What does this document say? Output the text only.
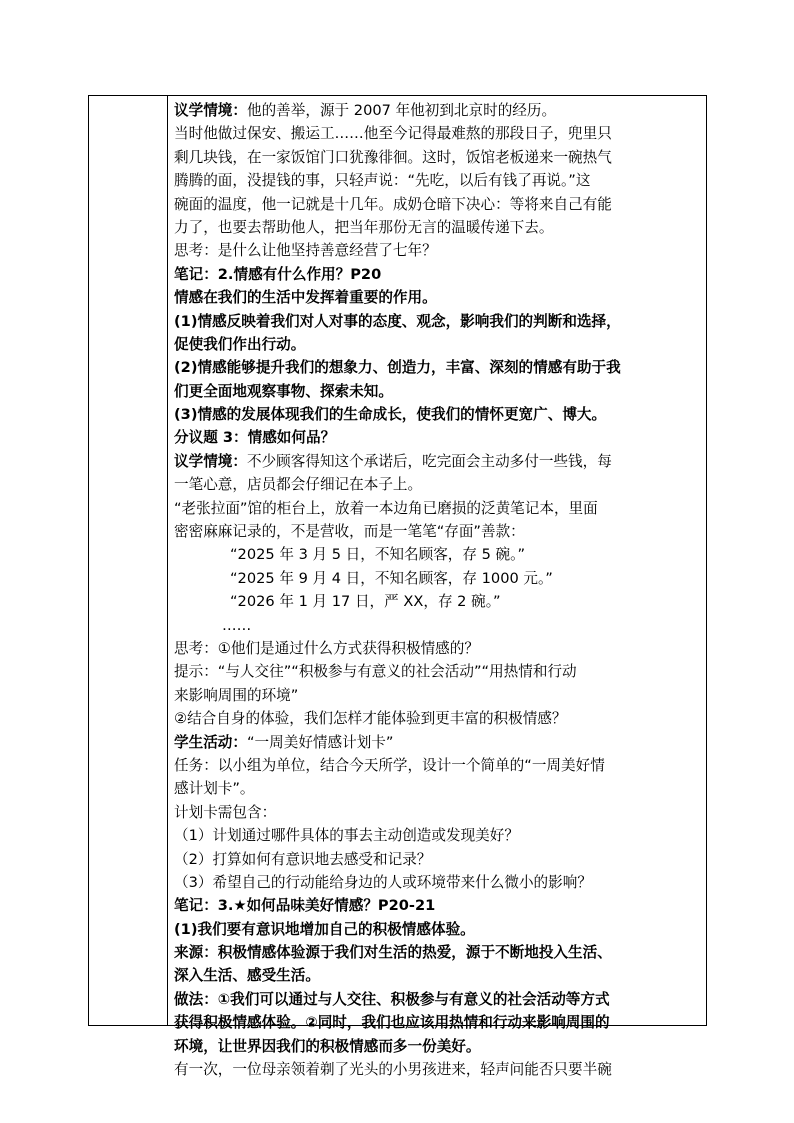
议学情境：他的善举，源于 2007 年他初到北京时的经历。
当时他做过保安、搬运工……他至今记得最难熬的那段日子，兜里只
剩几块钱，在一家饭馆门口犹豫徘徊。这时，饭馆老板递来一碗热气
腾腾的面，没提钱的事，只轻声说：“先吃，以后有钱了再说。”这
碗面的温度，他一记就是十几年。成奶仓暗下决心：等将来自己有能
力了，也要去帮助他人，把当年那份无言的温暖传递下去。
思考：是什么让他坚持善意经营了七年？
笔记：2.情感有什么作用？P20
情感在我们的生活中发挥着重要的作用。
(1)情感反映着我们对人对事的态度、观念，影响我们的判断和选择，
促使我们作出行动。
(2)情感能够提升我们的想象力、创造力，丰富、深刻的情感有助于我
们更全面地观察事物、探索未知。
(3)情感的发展体现我们的生命成长，使我们的情怀更宽广、博大。
分议题 3：情感如何品？
议学情境：不少顾客得知这个承诺后，吃完面会主动多付一些钱，每
一笔心意，店员都会仔细记在本子上。
“老张拉面”馆的柜台上，放着一本边角已磨损的泛黄笔记本，里面
密密麻麻记录的，不是营收，而是一笔笔“存面”善款：
“2025 年 3 月 5 日，不知名顾客，存 5 碗。”
“2025 年 9 月 4 日，不知名顾客，存 1000 元。”
“2026 年 1 月 17 日，严 XX，存 2 碗。”
……
思考：①他们是通过什么方式获得积极情感的？
提示：“与人交往”“积极参与有意义的社会活动”“用热情和行动
来影响周围的环境”
②结合自身的体验，我们怎样才能体验到更丰富的积极情感？
学生活动：“一周美好情感计划卡”
任务：以小组为单位，结合今天所学，设计一个简单的“一周美好情
感计划卡”。
计划卡需包含：
（1）计划通过哪件具体的事去主动创造或发现美好？
（2）打算如何有意识地去感受和记录？
（3）希望自己的行动能给身边的人或环境带来什么微小的影响？
笔记：3.★如何品味美好情感？P20-21
(1)我们要有意识地增加自己的积极情感体验。
来源：积极情感体验源于我们对生活的热爱，源于不断地投入生活、
深入生活、感受生活。
做法：①我们可以通过与人交往、积极参与有意义的社会活动等方式
获得积极情感体验。②同时，我们也应该用热情和行动来影响周围的
环境，让世界因我们的积极情感而多一份美好。
有一次，一位母亲领着剃了光头的小男孩进来，轻声问能否只要半碗
